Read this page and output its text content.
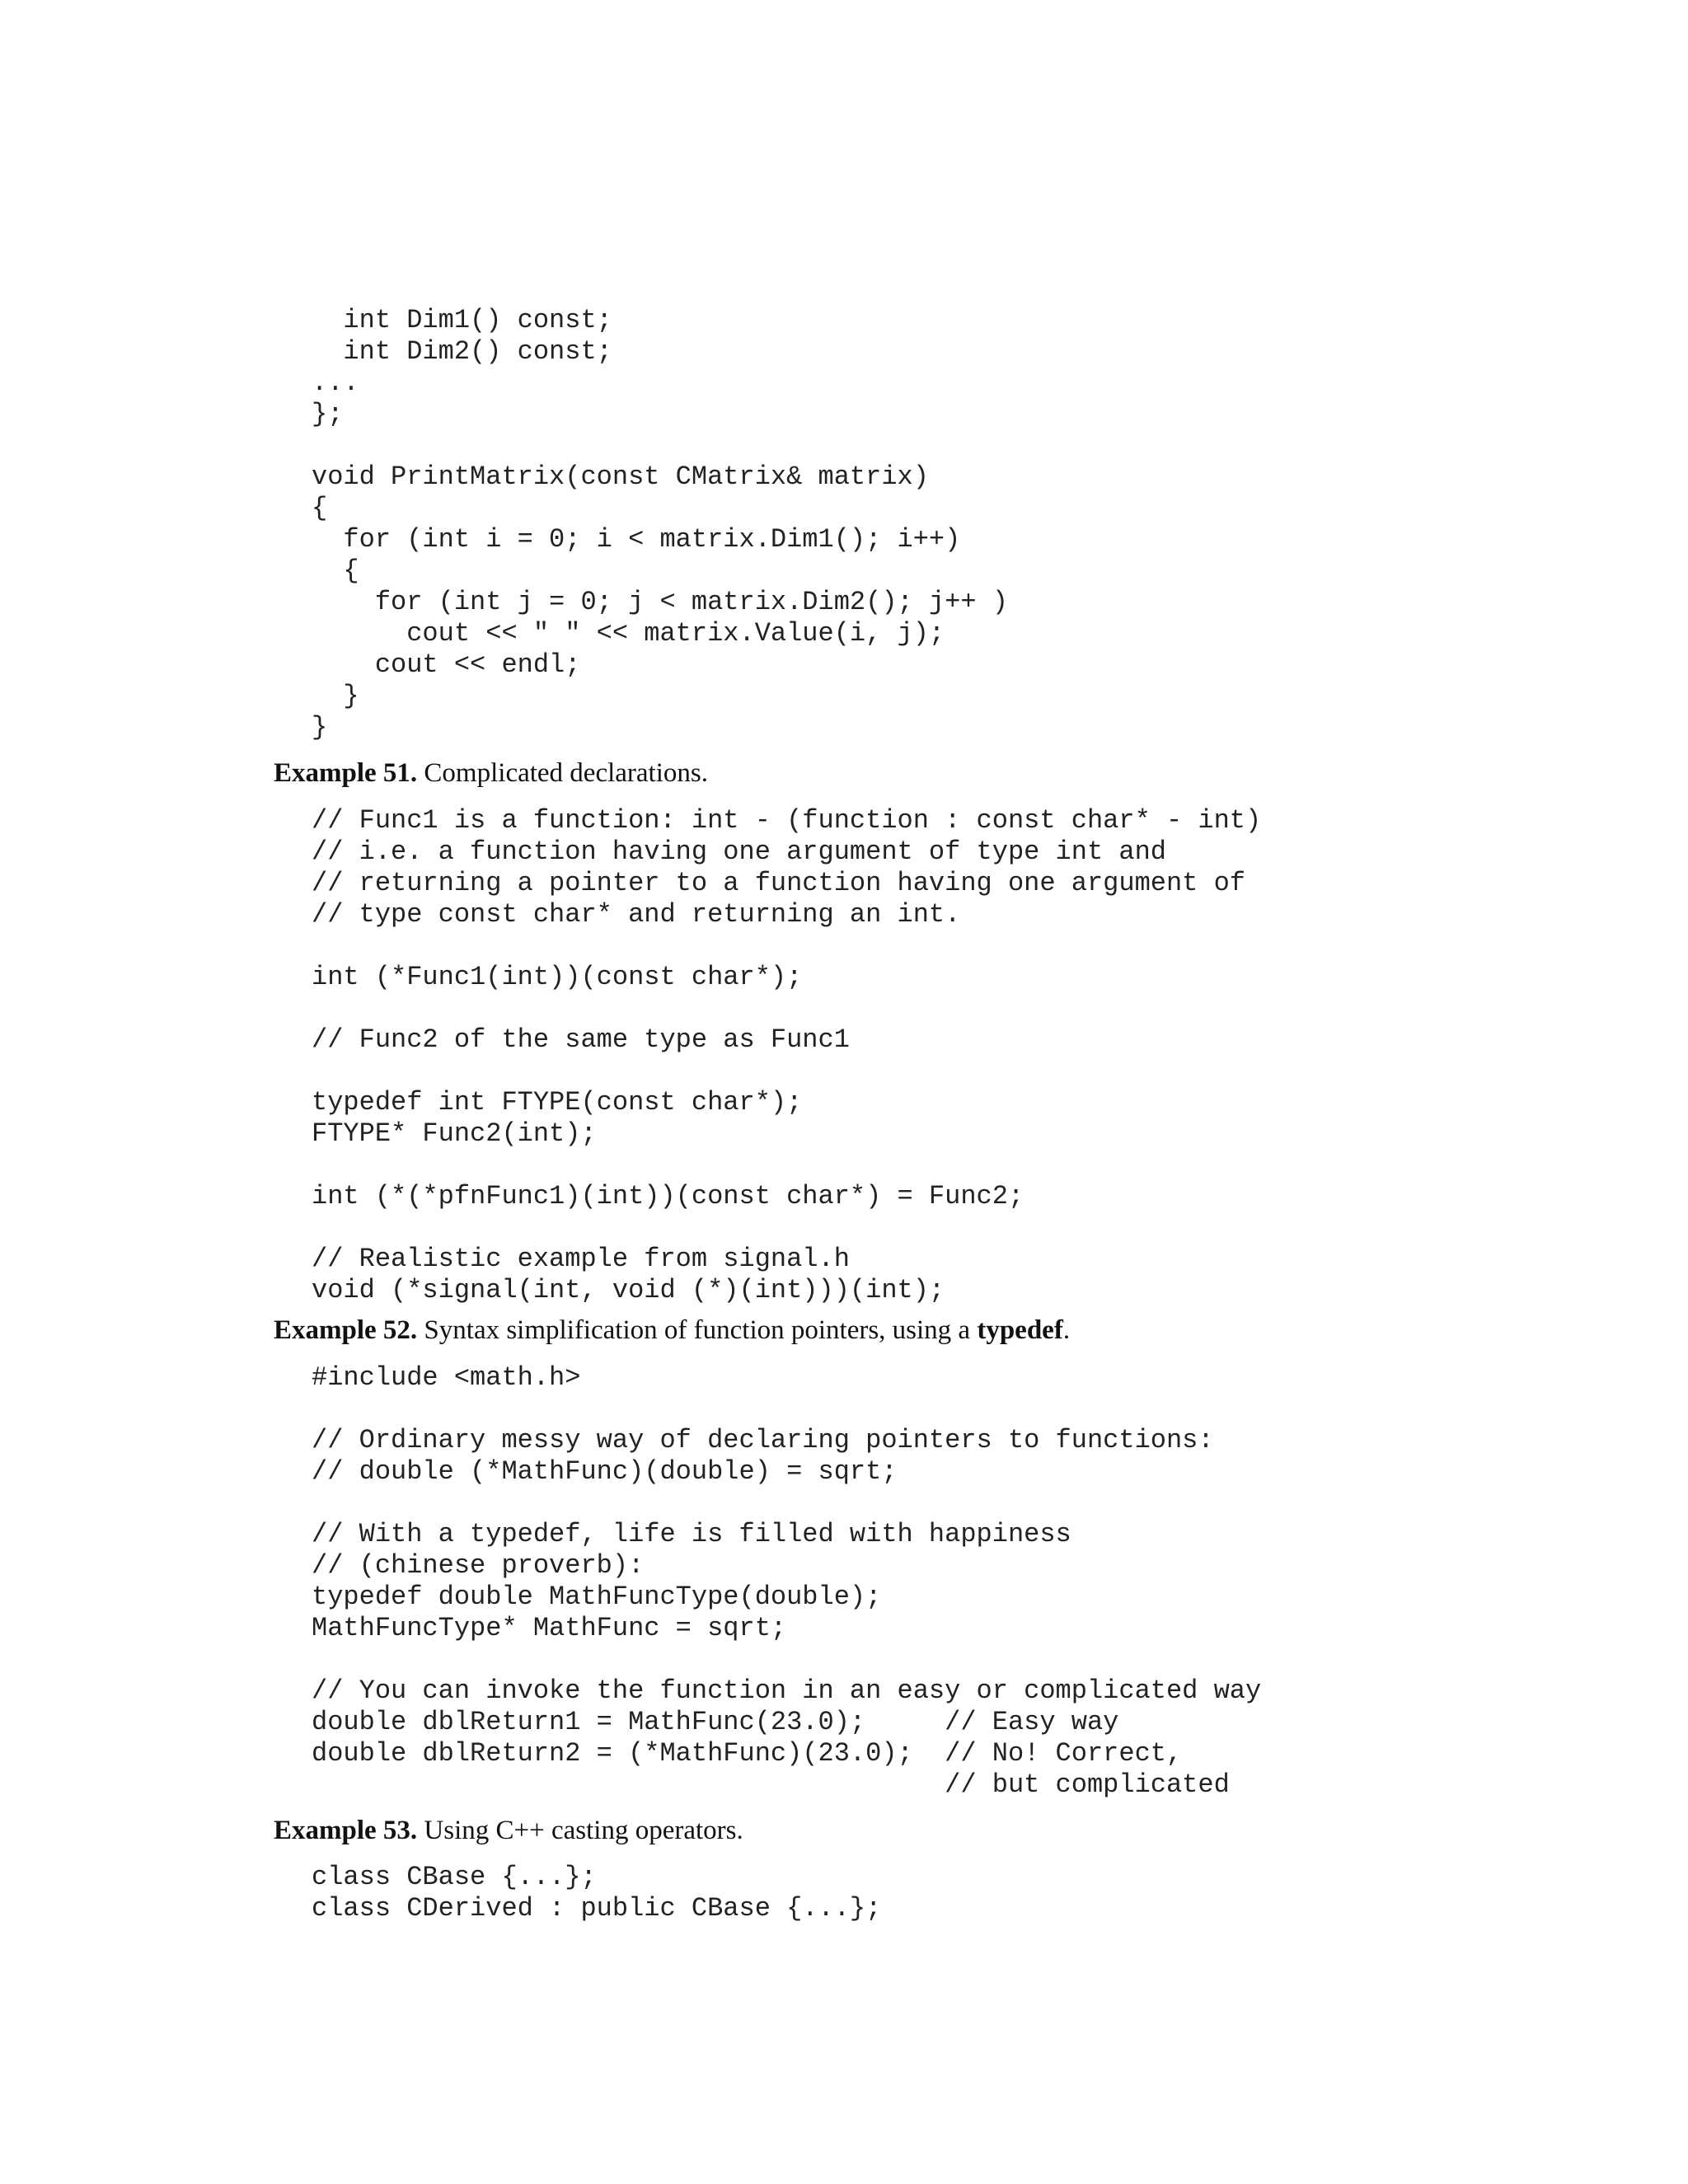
int Dim1() const;
int Dim2() const;
...
};

void PrintMatrix(const CMatrix& matrix)
{
for (int i = 0; i < matrix.Dim1(); i++)
{
for (int j = 0; j < matrix.Dim2(); j++ )
cout << " " << matrix.Value(i, j);
cout << endl;
}
}

Example 51. Complicated declarations.

// Func1 is a function: int - (function : const char* - int)
// i.e. a function having one argument of type int and
// returning a pointer to a function having one argument of
// type const char* and returning an int.

int (*Func1(int))(const char*);

// Func2 of the same type as Func1

typedef int FTYPE(const char*);
FTYPE* Func2(int);

int (*(*pfnFunc1)(int))(const char*) = Func2;

// Realistic example from signal.h
void (*signal(int, void (*)(int)))(int);

Example 52. Syntax simplification of function pointers, using a typedef.

#include <math.h>

// Ordinary messy way of declaring pointers to functions:
// double (*MathFunc)(double) = sqrt;

// With a typedef, life is filled with happiness
// (chinese proverb):
typedef double MathFuncType(double);
MathFuncType* MathFunc = sqrt;

// You can invoke the function in an easy or complicated way
double dblReturn1 = MathFunc(23.0);     // Easy way
double dblReturn2 = (*MathFunc)(23.0);  // No! Correct,
// but complicated

Example 53. Using C++ casting operators.

class CBase {...};
class CDerived : public CBase {...};
